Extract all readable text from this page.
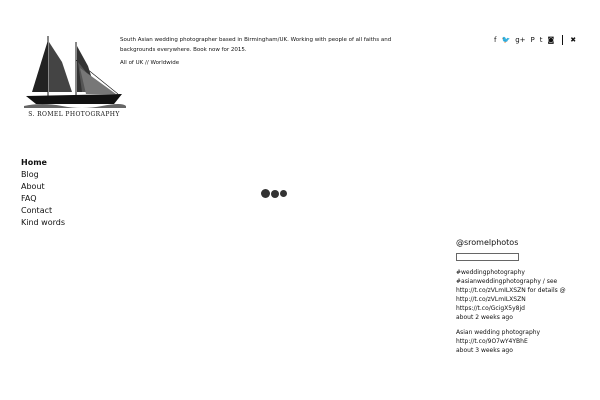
S. ROMEL PHOTOGRAPHY
South Asian wedding photographer based in Birmingham/UK. Working with people of all faiths and backgrounds everywhere. Book now for 2015.
All of UK // Worldwide
f 🐦 g+ P t ◙ ✖
Home
Blog
About
FAQ
Contact
Kind words
@sromelphotos
#weddingphotography
#asianweddingphotography / see
http://t.co/zVLmILXSZN for details @
http://t.co/zVLmILXSZN
https://t.co/GcigX5y8jd
about 2 weeks ago
Asian wedding photography
http://t.co/9O7wY4YBhE
about 3 weeks ago
